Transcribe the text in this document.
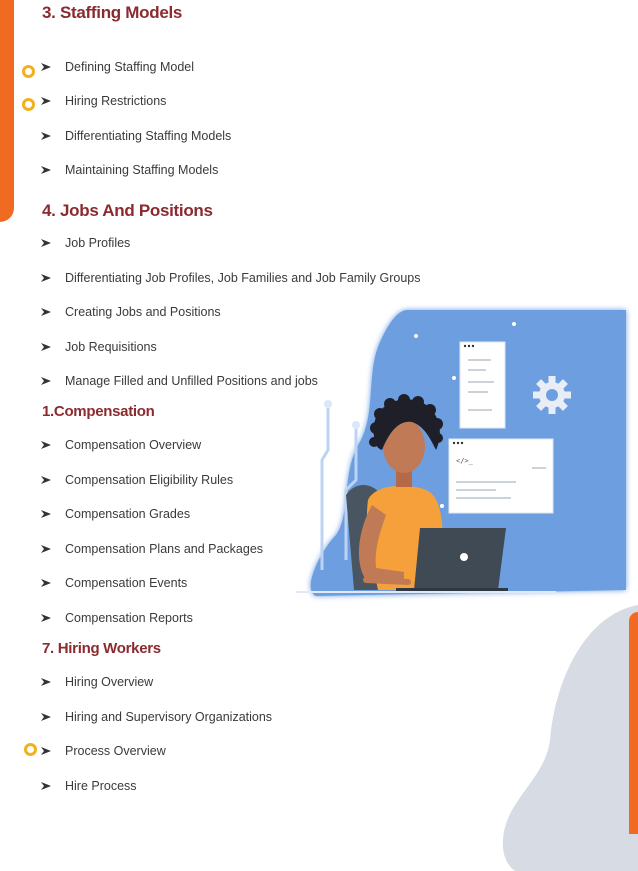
</>_
3. Staffing Models
Defining Staffing Model
Hiring Restrictions
Differentiating Staffing Models
Maintaining Staffing Models
4. Jobs And Positions
Job Profiles
Differentiating Job Profiles, Job Families and Job Family Groups
Creating Jobs and Positions
Job Requisitions
Manage Filled and Unfilled Positions and jobs
1.Compensation
Compensation Overview
Compensation Eligibility Rules
Compensation Grades
Compensation Plans and Packages
Compensation Events
Compensation Reports
7. Hiring Workers
Hiring Overview
Hiring and Supervisory Organizations
Process Overview
Hire Process
